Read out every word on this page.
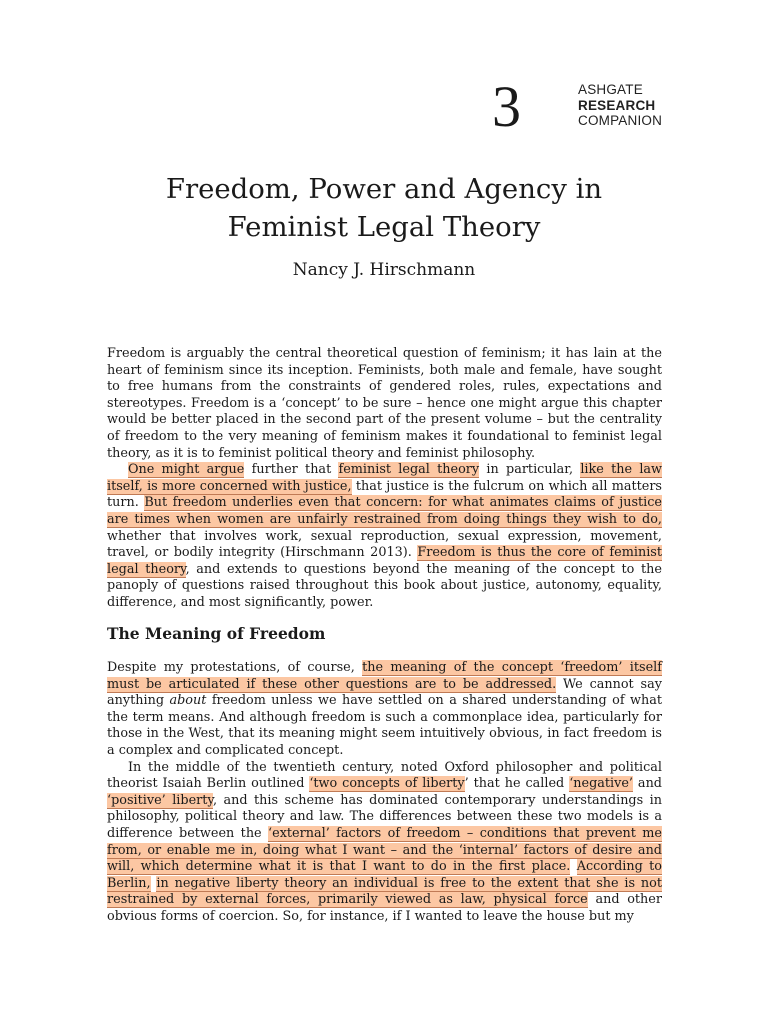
3	ASHGATE
RESEARCH
COMPANION
Freedom, Power and Agency in
Feminist Legal Theory
Nancy J. Hirschmann

Freedom is arguably the central theoretical question of feminism; it has lain at the heart of feminism since its inception. Feminists, both male and female, have sought to free humans from the constraints of gendered roles, rules, expectations and stereotypes. Freedom is a ‘concept’ to be sure – hence one might argue this chapter would be better placed in the second part of the present volume – but the centrality of freedom to the very meaning of feminism makes it foundational to feminist legal theory, as it is to feminist political theory and feminist philosophy.

One might argue further that feminist legal theory in particular, like the law itself, is more concerned with justice, that justice is the fulcrum on which all matters turn. But freedom underlies even that concern: for what animates claims of justice are times when women are unfairly restrained from doing things they wish to do, whether that involves work, sexual reproduction, sexual expression, movement, travel, or bodily integrity (Hirschmann 2013). Freedom is thus the core of feminist legal theory, and extends to questions beyond the meaning of the concept to the panoply of questions raised throughout this book about justice, autonomy, equality, difference, and most significantly, power.

The Meaning of Freedom

Despite my protestations, of course, the meaning of the concept ‘freedom’ itself must be articulated if these other questions are to be addressed. We cannot say anything about freedom unless we have settled on a shared understanding of what the term means. And although freedom is such a commonplace idea, particularly for those in the West, that its meaning might seem intuitively obvious, in fact freedom is a complex and complicated concept.

In the middle of the twentieth century, noted Oxford philosopher and political theorist Isaiah Berlin outlined ‘two concepts of liberty’ that he called ‘negative’ and ‘positive’ liberty, and this scheme has dominated contemporary understandings in philosophy, political theory and law. The differences between these two models is a difference between the ‘external’ factors of freedom – conditions that prevent me from, or enable me in, doing what I want – and the ‘internal’ factors of desire and will, which determine what it is that I want to do in the first place. According to Berlin, in negative liberty theory an individual is free to the extent that she is not restrained by external forces, primarily viewed as law, physical force and other obvious forms of coercion. So, for instance, if I wanted to leave the house but my
